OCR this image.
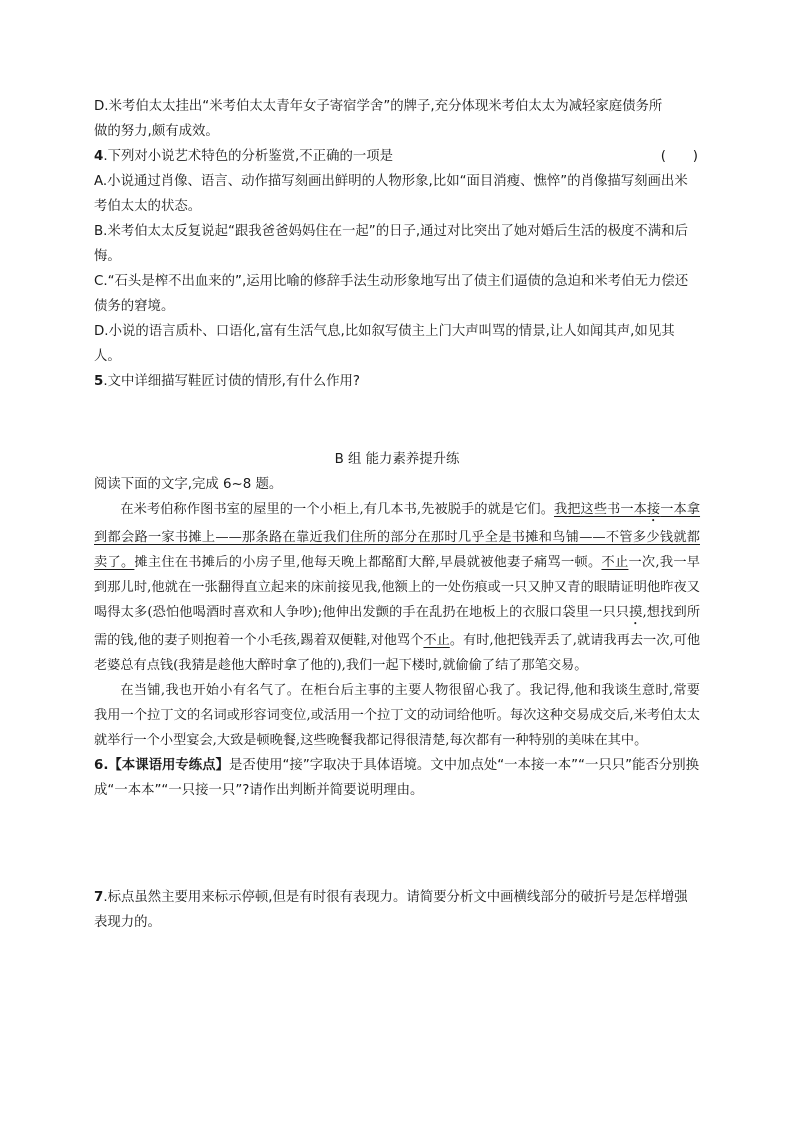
D.米考伯太太挂出“米考伯太太青年女子寄宿学舍”的牌子,充分体现米考伯太太为减轻家庭债务所
做的努力,颇有成效。

4.下列对小说艺术特色的分析鉴赏,不正确的一项是	(　　)

A.小说通过肖像、语言、动作描写刻画出鲜明的人物形象,比如“面目消瘦、憔悴”的肖像描写刻画出米考伯太太的状态。

B.米考伯太太反复说起“跟我爸爸妈妈住在一起”的日子,通过对比突出了她对婚后生活的极度不满和后悔。

C.“石头是榨不出血来的”,运用比喻的修辞手法生动形象地写出了债主们逼债的急迫和米考伯无力偿还债务的窘境。

D.小说的语言质朴、口语化,富有生活气息,比如叙写债主上门大声叫骂的情景,让人如闻其声,如见其人。

5.文中详细描写鞋匠讨债的情形,有什么作用?

B 组 能力素养提升练

阅读下面的文字,完成 6~8 题。

在米考伯称作图书室的屋里的一个小柜上,有几本书,先被脱手的就是它们。我把这些书一本接一本拿到都会路一家书摊上——那条路在靠近我们住所的部分在那时几乎全是书摊和鸟铺——不管多少钱就都卖了。摊主住在书摊后的小房子里,他每天晚上都酩酊大醉,早晨就被他妻子痛骂一顿。不止一次,我一早到那儿时,他就在一张翻得直立起来的床前接见我,他额上的一处伤痕或一只又肿又青的眼睛证明他昨夜又喝得太多(恐怕他喝酒时喜欢和人争吵);他伸出发颤的手在乱扔在地板上的衣服口袋里一只只摸,想找到所需的钱,他的妻子则抱着一个小毛孩,踢着双便鞋,对他骂个不止。有时,他把钱弄丢了,就请我再去一次,可他老婆总有点钱(我猜是趁他大醉时拿了他的),我们一起下楼时,就偷偷了结了那笔交易。

在当铺,我也开始小有名气了。在柜台后主事的主要人物很留心我了。我记得,他和我谈生意时,常要我用一个拉丁文的名词或形容词变位,或活用一个拉丁文的动词给他听。每次这种交易成交后,米考伯太太就举行一个小型宴会,大致是顿晚餐,这些晚餐我都记得很清楚,每次都有一种特别的美味在其中。

6.【本课语用专练点】是否使用“接”字取决于具体语境。文中加点处“一本接一本”“一只只”能否分别换成“一本本”“一只接一只”?请作出判断并简要说明理由。

7.标点虽然主要用来标示停顿,但是有时很有表现力。请简要分析文中画横线部分的破折号是怎样增强表现力的。
